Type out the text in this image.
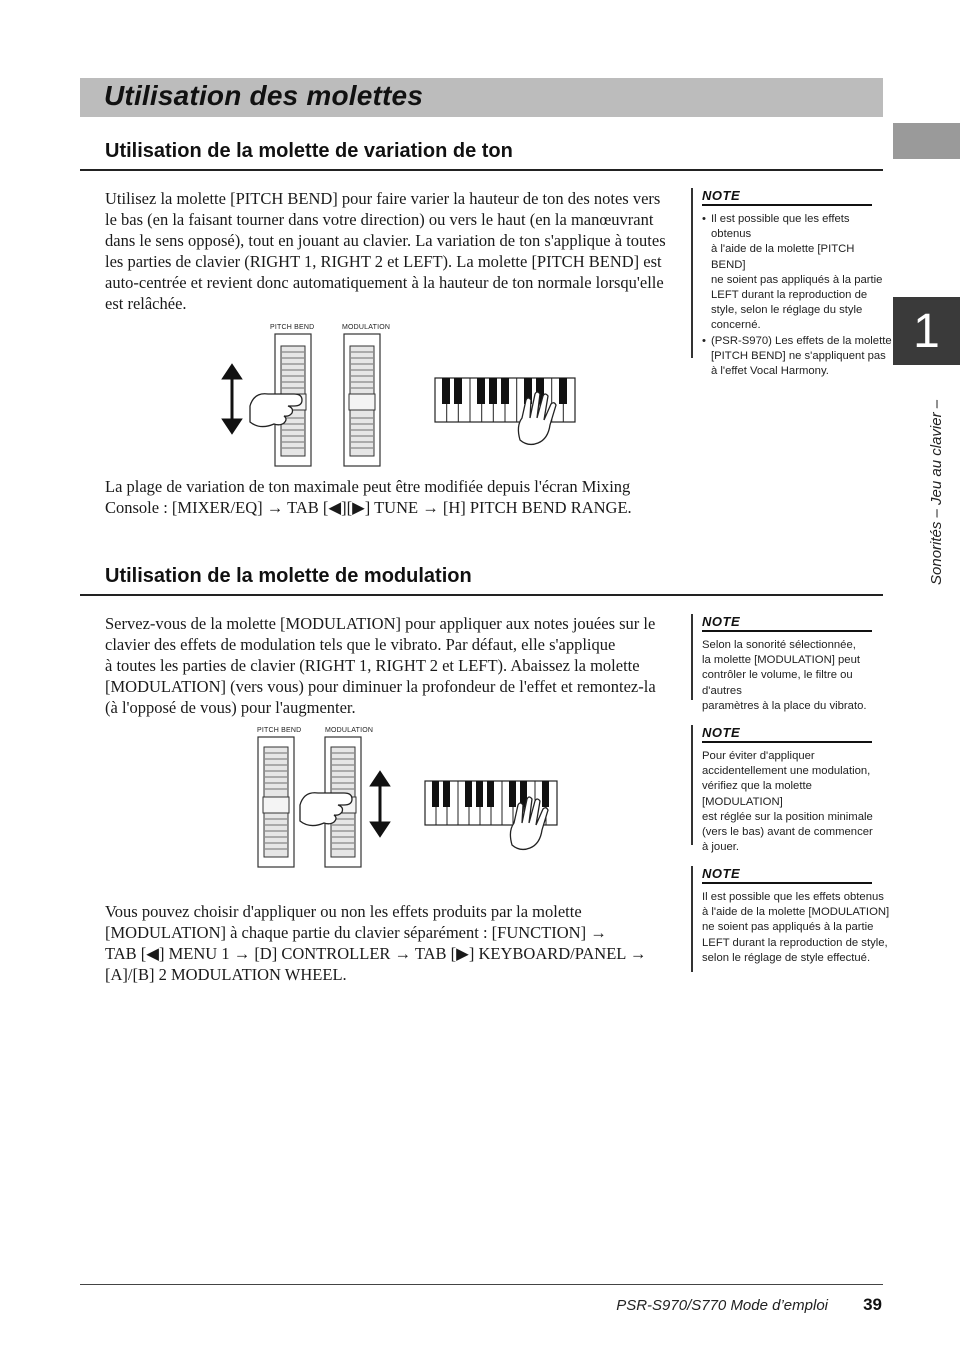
Utilisation des molettes
1
Sonorités – Jeu au clavier –
Utilisation de la molette de variation de ton
Utilisez la molette [PITCH BEND] pour faire varier la hauteur de ton des notes vers
le bas (en la faisant tourner dans votre direction) ou vers le haut (en la manœuvrant
dans le sens opposé), tout en jouant au clavier. La variation de ton s'applique à toutes
les parties de clavier (RIGHT 1, RIGHT 2 et LEFT). La molette [PITCH BEND] est
auto-centrée et revient donc automatiquement à la hauteur de ton normale lorsqu'elle
est relâchée.
PITCH BEND	MODULATION
La plage de variation de ton maximale peut être modifiée depuis l'écran Mixing
Console : [MIXER/EQ] → TAB [◀][▶] TUNE → [H] PITCH BEND RANGE.
NOTE
• Il est possible que les effets obtenus
à l'aide de la molette [PITCH BEND]
ne soient pas appliqués à la partie
LEFT durant la reproduction de
style, selon le réglage du style
concerné.
• (PSR-S970) Les effets de la molette
[PITCH BEND] ne s'appliquent pas
à l'effet Vocal Harmony.
Utilisation de la molette de modulation
Servez-vous de la molette [MODULATION] pour appliquer aux notes jouées sur le
clavier des effets de modulation tels que le vibrato. Par défaut, elle s'applique
à toutes les parties de clavier (RIGHT 1, RIGHT 2 et LEFT). Abaissez la molette
[MODULATION] (vers vous) pour diminuer la profondeur de l'effet et remontez-la
(à l'opposé de vous) pour l'augmenter.
PITCH BEND	MODULATION
Vous pouvez choisir d'appliquer ou non les effets produits par la molette
[MODULATION] à chaque partie du clavier séparément : [FUNCTION] →
TAB [◀] MENU 1 → [D] CONTROLLER → TAB [▶] KEYBOARD/PANEL →
[A]/[B] 2 MODULATION WHEEL.
NOTE
Selon la sonorité sélectionnée,
la molette [MODULATION] peut
contrôler le volume, le filtre ou d'autres
paramètres à la place du vibrato.
NOTE
Pour éviter d'appliquer
accidentellement une modulation,
vérifiez que la molette [MODULATION]
est réglée sur la position minimale
(vers le bas) avant de commencer
à jouer.
NOTE
Il est possible que les effets obtenus
à l'aide de la molette [MODULATION]
ne soient pas appliqués à la partie
LEFT durant la reproduction de style,
selon le réglage de style effectué.
PSR-S970/S770 Mode d’emploi 39
